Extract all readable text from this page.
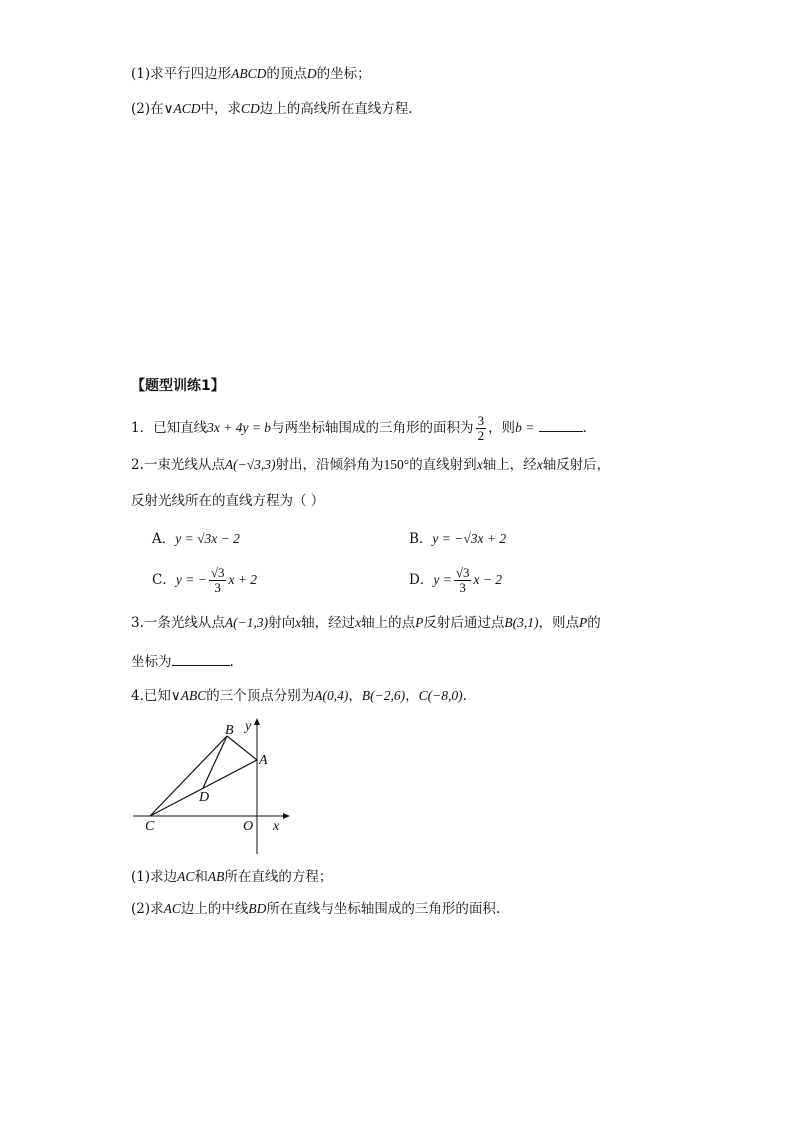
(1)求平行四边形ABCD的顶点D的坐标；
(2)在∨ACD中，求CD边上的高线所在直线方程.
【题型训练1】
1．已知直线3x + 4y = b与两坐标轴围成的三角形的面积为 $\frac{3}{2}$ ，则b =	.
2.一束光线从点A(−√3,3)射出，沿倾斜角为150°的直线射到x轴上，经x轴反射后，
反射光线所在的直线方程为（ ）
A．y = √3x − 2	B．y = −√3x + 2
C．y = − $\frac{√3}{3}$ x + 2	D．$y = \frac{√3}{3}$ x − 2
3.一条光线从点A(−1,3)射向x轴，经过x轴上的点P反射后通过点B(3,1)，则点P的
坐标为	.
4.已知∨ABC的三个顶点分别为A(0,4)，B(−2,6)，C(−8,0).
B
A
C
D
O x
y
(1)求边AC和AB所在直线的方程；
(2)求AC边上的中线BD所在直线与坐标轴围成的三角形的面积.
